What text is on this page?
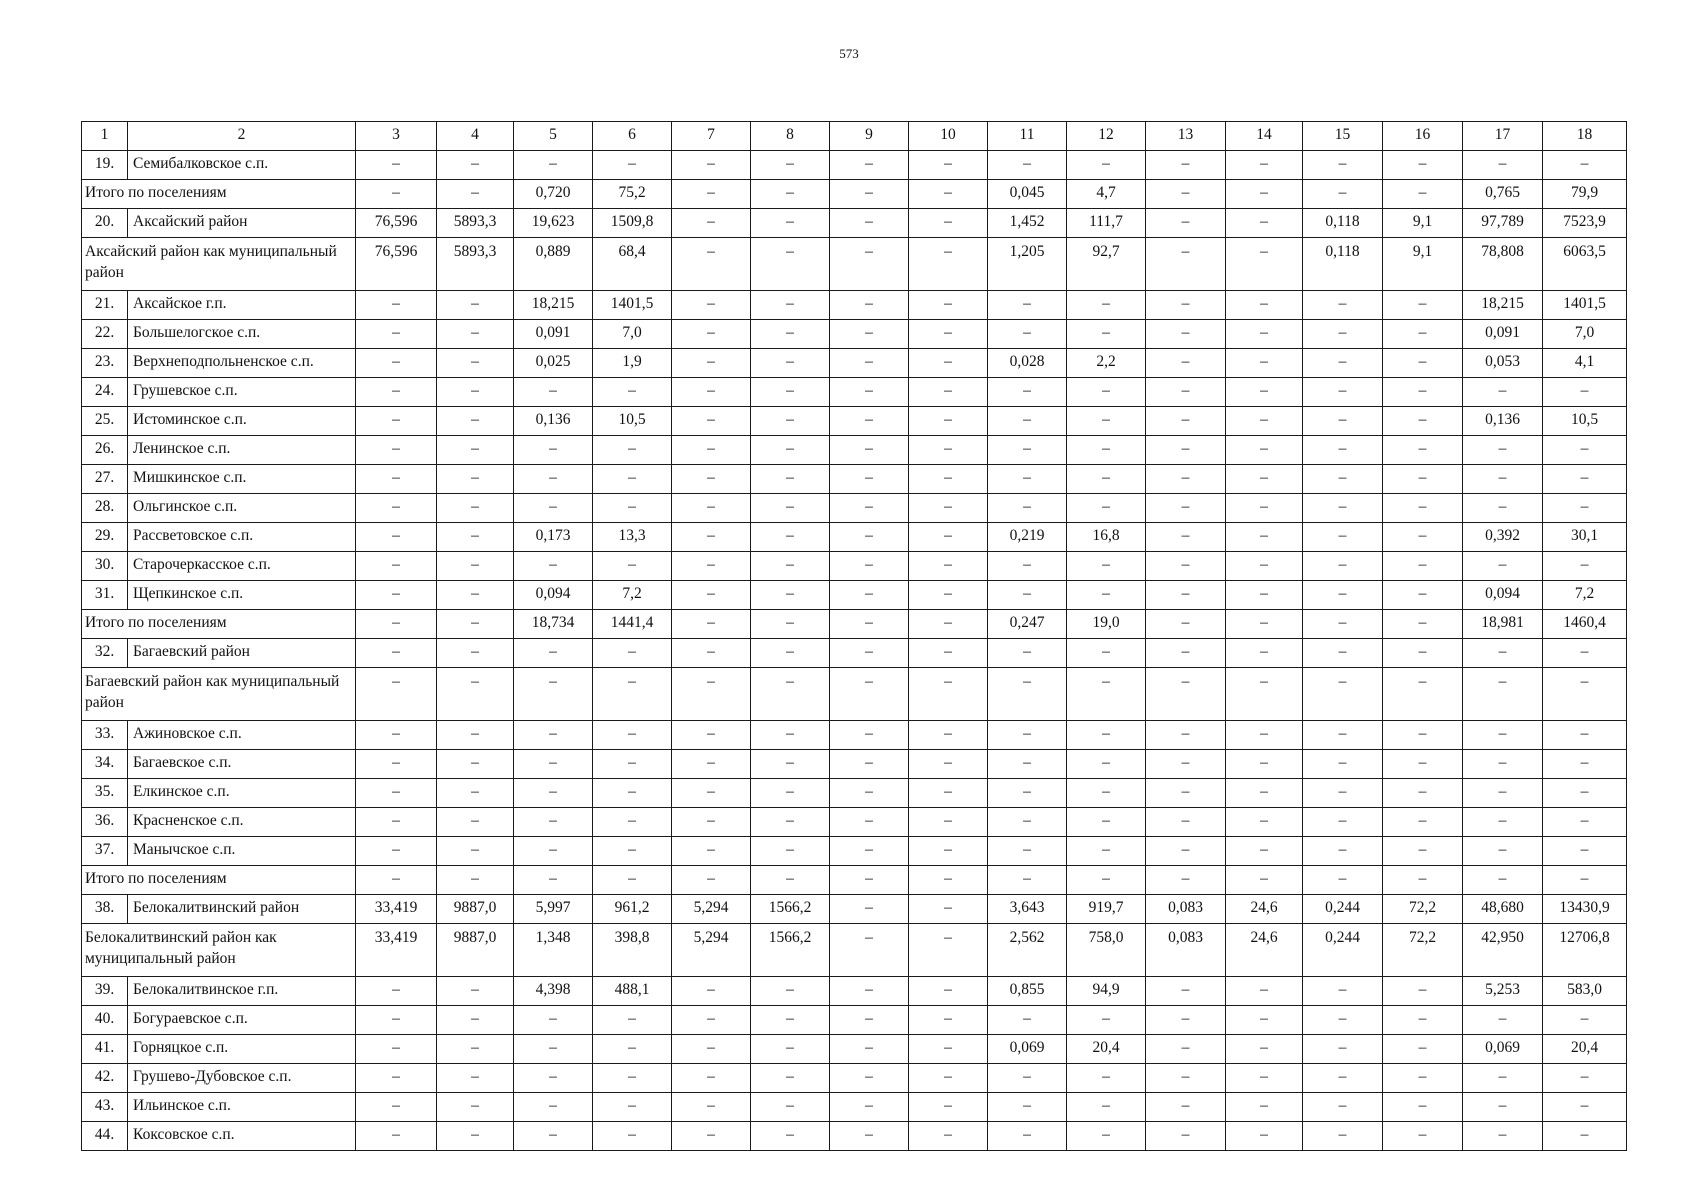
573
1	2	3	4	5	6	7	8	9	10	11	12	13	14	15	16	17	18
19.	Семибалковское с.п.	–	–	–	–	–	–	–	–	–	–	–	–	–	–	–	–
Итого по поселениям		–	–	0,720	75,2	–	–	–	–	0,045	4,7	–	–	–	–	0,765	79,9
20.	Аксайский район	76,596	5893,3	19,623	1509,8	–	–	–	–	1,452	111,7	–	–	0,118	9,1	97,789	7523,9
Аксайский район как муниципальный район		76,596	5893,3	0,889	68,4	–	–	–	–	1,205	92,7	–	–	0,118	9,1	78,808	6063,5
21.	Аксайское г.п.	–	–	18,215	1401,5	–	–	–	–	–	–	–	–	–	–	18,215	1401,5
22.	Большелогское с.п.	–	–	0,091	7,0	–	–	–	–	–	–	–	–	–	–	0,091	7,0
23.	Верхнеподпольненское с.п.	–	–	0,025	1,9	–	–	–	–	0,028	2,2	–	–	–	–	0,053	4,1
24.	Грушевское с.п.	–	–	–	–	–	–	–	–	–	–	–	–	–	–	–	–
25.	Истоминское с.п.	–	–	0,136	10,5	–	–	–	–	–	–	–	–	–	–	0,136	10,5
26.	Ленинское с.п.	–	–	–	–	–	–	–	–	–	–	–	–	–	–	–	–
27.	Мишкинское с.п.	–	–	–	–	–	–	–	–	–	–	–	–	–	–	–	–
28.	Ольгинское с.п.	–	–	–	–	–	–	–	–	–	–	–	–	–	–	–	–
29.	Рассветовское с.п.	–	–	0,173	13,3	–	–	–	–	0,219	16,8	–	–	–	–	0,392	30,1
30.	Старочеркасское с.п.	–	–	–	–	–	–	–	–	–	–	–	–	–	–	–	–
31.	Щепкинское с.п.	–	–	0,094	7,2	–	–	–	–	–	–	–	–	–	–	0,094	7,2
Итого по поселениям		–	–	18,734	1441,4	–	–	–	–	0,247	19,0	–	–	–	–	18,981	1460,4
32.	Багаевский район	–	–	–	–	–	–	–	–	–	–	–	–	–	–	–	–
Багаевский район как муниципальный район		–	–	–	–	–	–	–	–	–	–	–	–	–	–	–	–
33.	Ажиновское с.п.	–	–	–	–	–	–	–	–	–	–	–	–	–	–	–	–
34.	Багаевское с.п.	–	–	–	–	–	–	–	–	–	–	–	–	–	–	–	–
35.	Елкинское с.п.	–	–	–	–	–	–	–	–	–	–	–	–	–	–	–	–
36.	Красненское с.п.	–	–	–	–	–	–	–	–	–	–	–	–	–	–	–	–
37.	Манычское с.п.	–	–	–	–	–	–	–	–	–	–	–	–	–	–	–	–
Итого по поселениям		–	–	–	–	–	–	–	–	–	–	–	–	–	–	–	–
38.	Белокалитвинский район	33,419	9887,0	5,997	961,2	5,294	1566,2	–	–	3,643	919,7	0,083	24,6	0,244	72,2	48,680	13430,9
Белокалитвинский район как муниципальный район		33,419	9887,0	1,348	398,8	5,294	1566,2	–	–	2,562	758,0	0,083	24,6	0,244	72,2	42,950	12706,8
39.	Белокалитвинское г.п.	–	–	4,398	488,1	–	–	–	–	0,855	94,9	–	–	–	–	5,253	583,0
40.	Богураевское с.п.	–	–	–	–	–	–	–	–	–	–	–	–	–	–	–	–
41.	Горняцкое с.п.	–	–	–	–	–	–	–	–	0,069	20,4	–	–	–	–	0,069	20,4
42.	Грушево-Дубовское с.п.	–	–	–	–	–	–	–	–	–	–	–	–	–	–	–	–
43.	Ильинское с.п.	–	–	–	–	–	–	–	–	–	–	–	–	–	–	–	–
44.	Коксовское с.п.	–	–	–	–	–	–	–	–	–	–	–	–	–	–	–	–
